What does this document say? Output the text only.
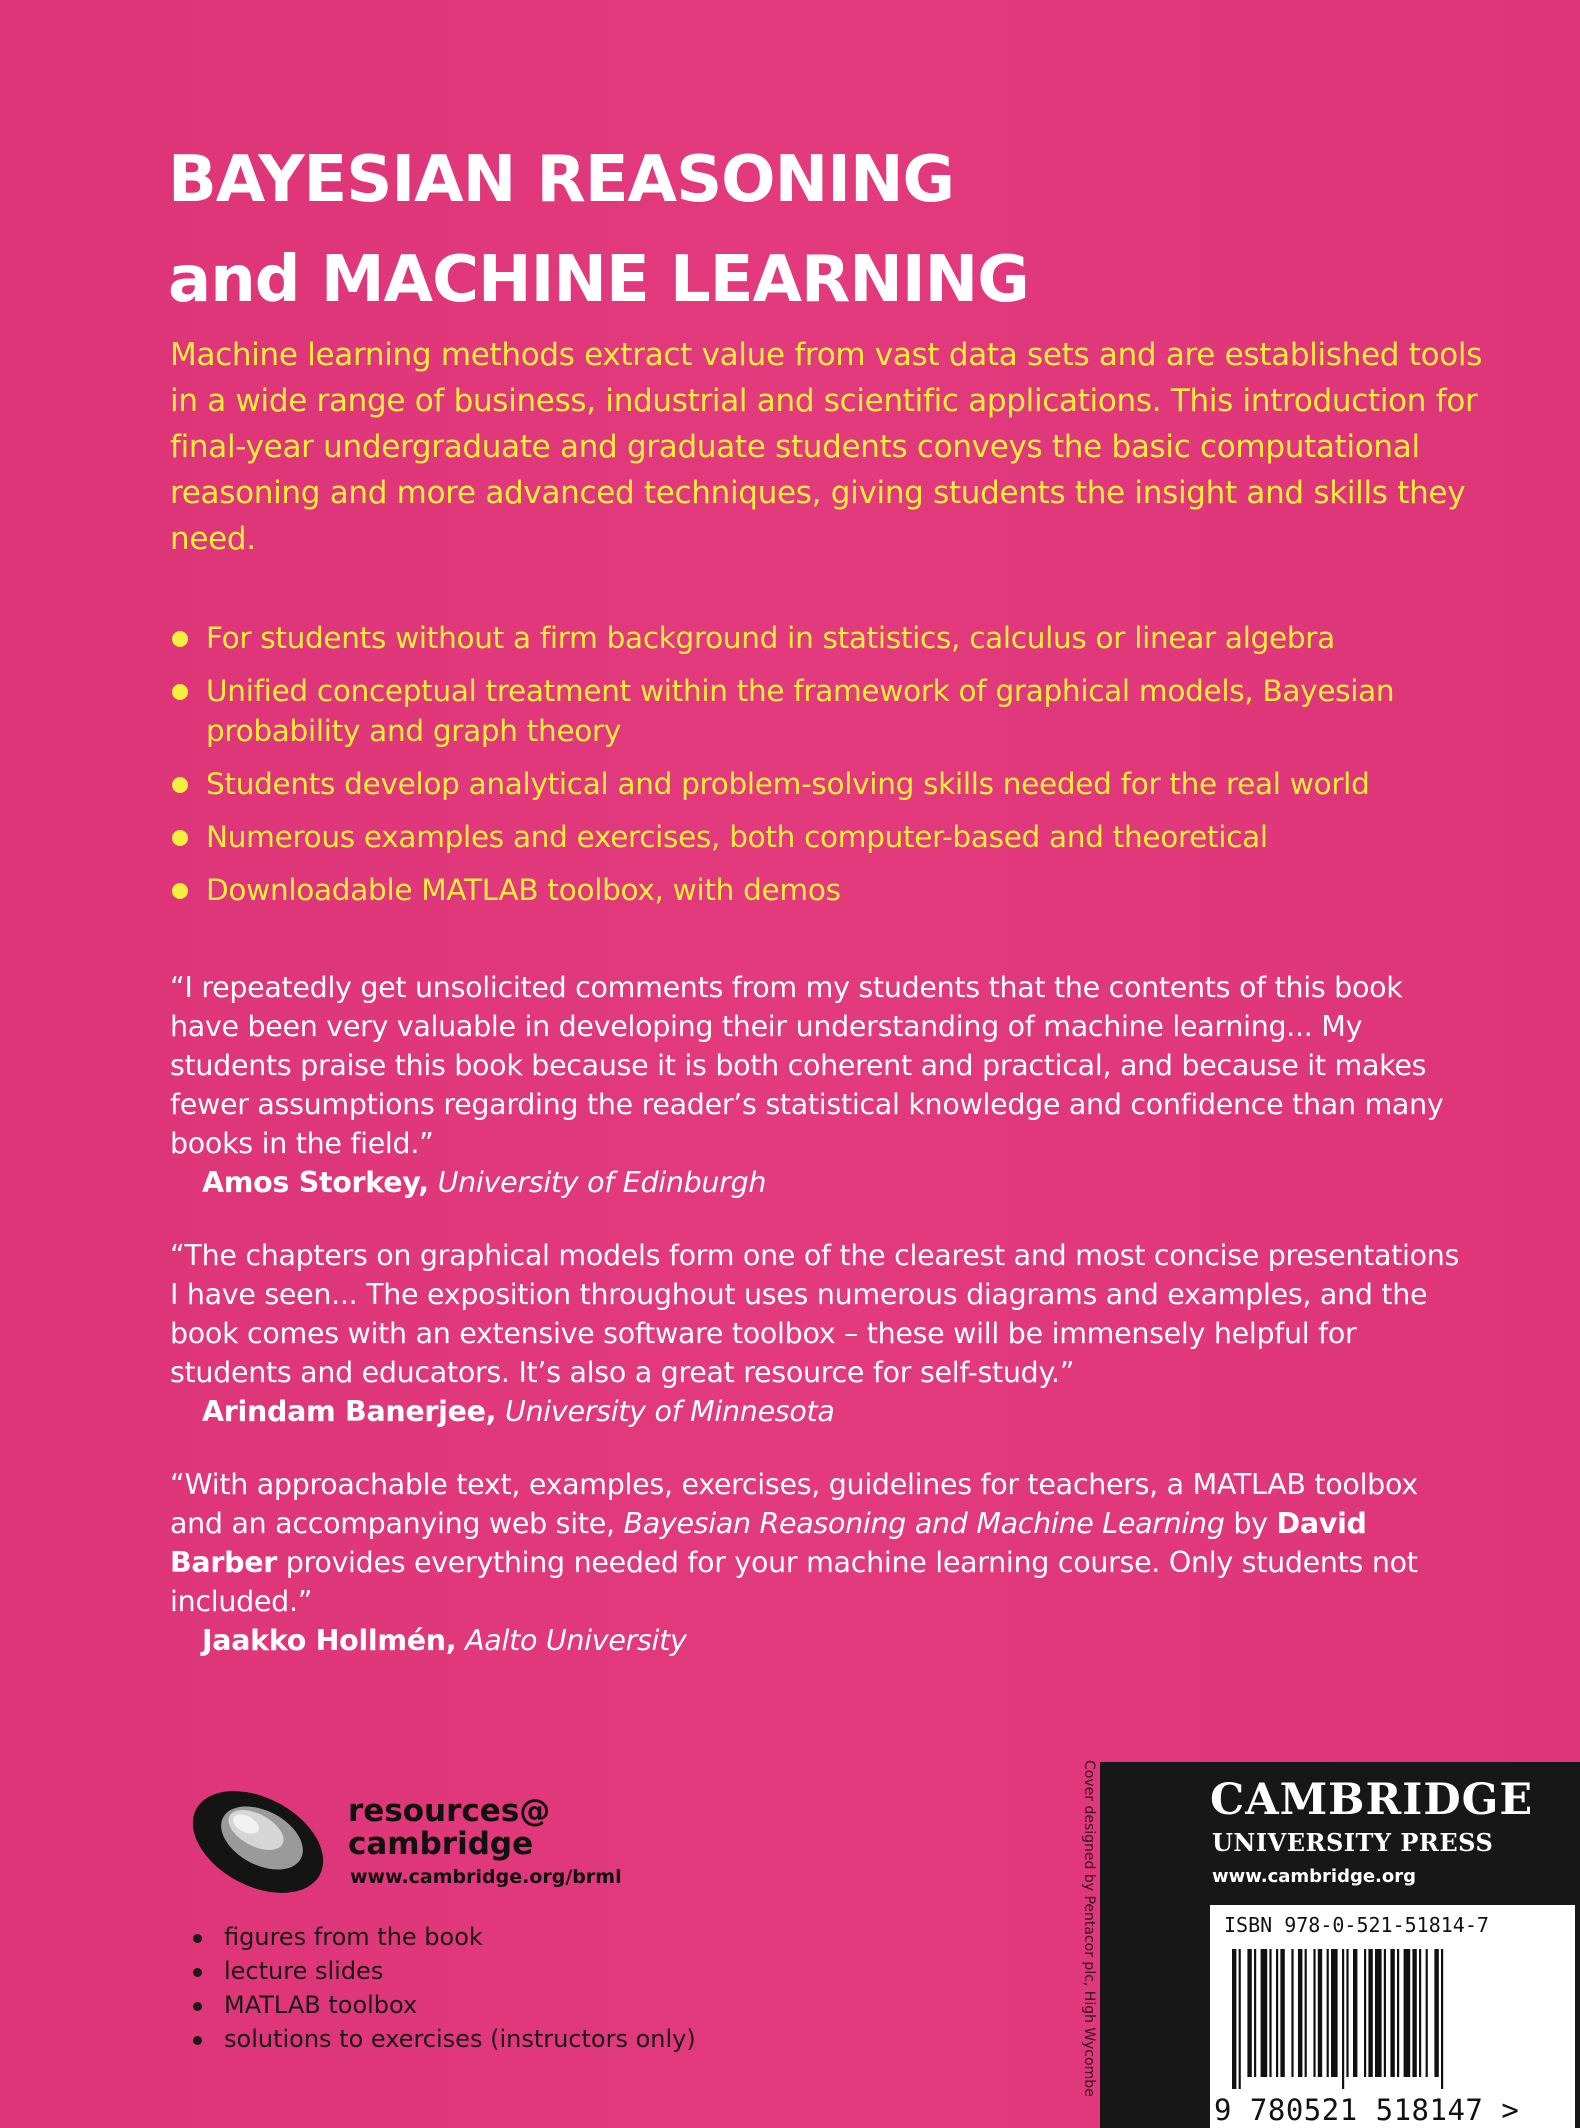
BAYESIAN REASONING
and MACHINE LEARNING

Machine learning methods extract value from vast data sets and are established tools in a wide range of business, industrial and scientific applications. This introduction for final-year undergraduate and graduate students conveys the basic computational reasoning and more advanced techniques, giving students the insight and skills they need.

For students without a firm background in statistics, calculus or linear algebra
Unified conceptual treatment within the framework of graphical models, Bayesian probability and graph theory
Students develop analytical and problem-solving skills needed for the real world
Numerous examples and exercises, both computer-based and theoretical
Downloadable MATLAB toolbox, with demos

“I repeatedly get unsolicited comments from my students that the contents of this book have been very valuable in developing their understanding of machine learning... My students praise this book because it is both coherent and practical, and because it makes fewer assumptions regarding the reader’s statistical knowledge and confidence than many books in the field.”

Amos Storkey, University of Edinburgh

“The chapters on graphical models form one of the clearest and most concise presentations I have seen... The exposition throughout uses numerous diagrams and examples, and the book comes with an extensive software toolbox – these will be immensely helpful for students and educators. It’s also a great resource for self-study.”

Arindam Banerjee, University of Minnesota

“With approachable text, examples, exercises, guidelines for teachers, a MATLAB toolbox and an accompanying web site, Bayesian Reasoning and Machine Learning by David Barber provides everything needed for your machine learning course. Only students not included.”

Jaakko Hollmén, Aalto University
resources@
cambridge
www.cambridge.org/brml
figures from the book
lecture slides
MATLAB toolbox
solutions to exercises (instructors only)	Cover designed by Pentacor plc, High Wycombe	CAMBRIDGE
UNIVERSITY PRESS
www.cambridge.org
ISBN 978-0-521-51814-7
9 780521 518147 >
